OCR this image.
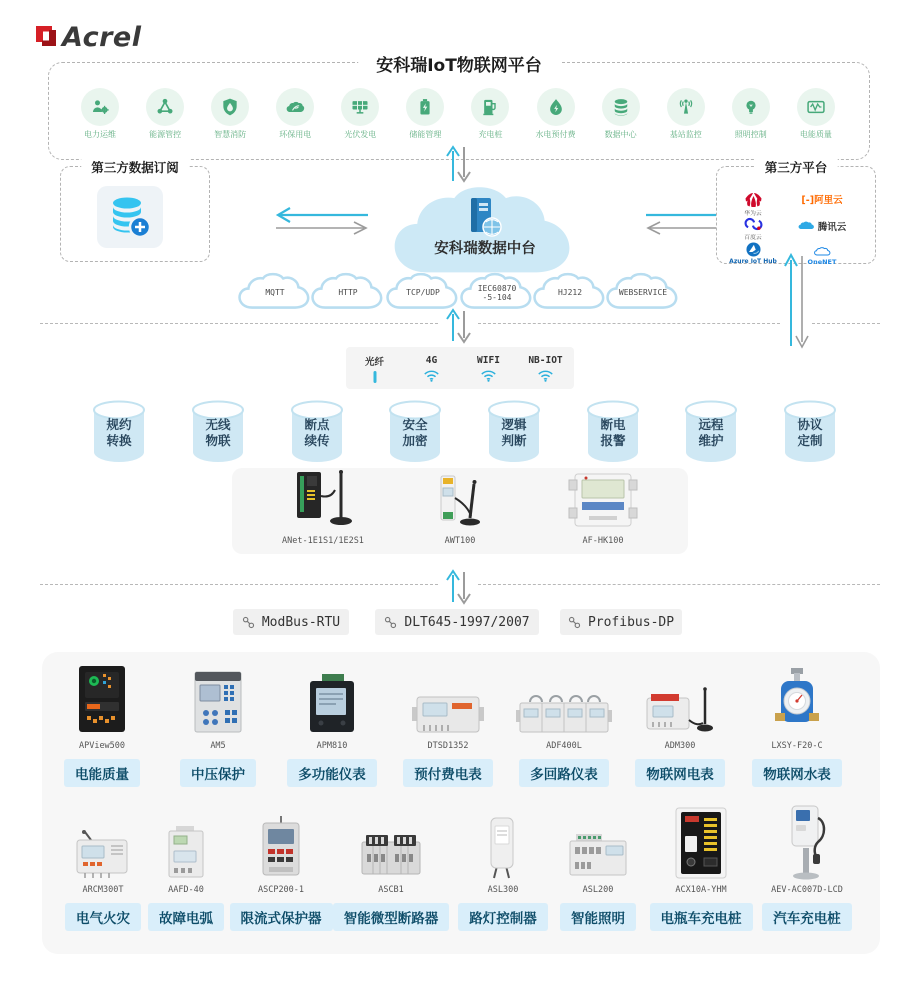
Acrel
安科瑞IoT物联网平台
电力运维	能源管控	智慧消防	环保用电	光伏发电	储能管理	充电桩	水电预付费	数据中心	基站监控	照明控制	电能质量
第三方数据订阅
安科瑞数据中台
第三方平台
华为云
[-]阿里云
百度云
腾讯云
Azure IoT Hub	OneNET
MQTT	HTTP	TCP/UDP
IEC60870
-5-104
HJ212	WEBSERVICE
光纤	4G	WIFI	NB-IOT
规约
转换
无线
物联
断点
续传
安全
加密
逻辑
判断
断电
报警
远程
维护
协议
定制
ANet-1E1S1/1E2S1	AWT100	AF-HK100
ModBus-RTU	DLT645-1997/2007	Profibus-DP
APView500
电能质量
AM5
中压保护
APM810
多功能仪表
DTSD1352
预付费电表
ADF400L
多回路仪表
ADM300
物联网电表
LXSY-F20-C
物联网水表
ARCM300T
电气火灾
AAFD-40
故障电弧
ASCP200-1
限流式保护器
ASCB1
智能微型断路器
ASL300
路灯控制器
ASL200
智能照明
ACX10A-YHM
电瓶车充电桩
AEV-AC007D-LCD
汽车充电桩
